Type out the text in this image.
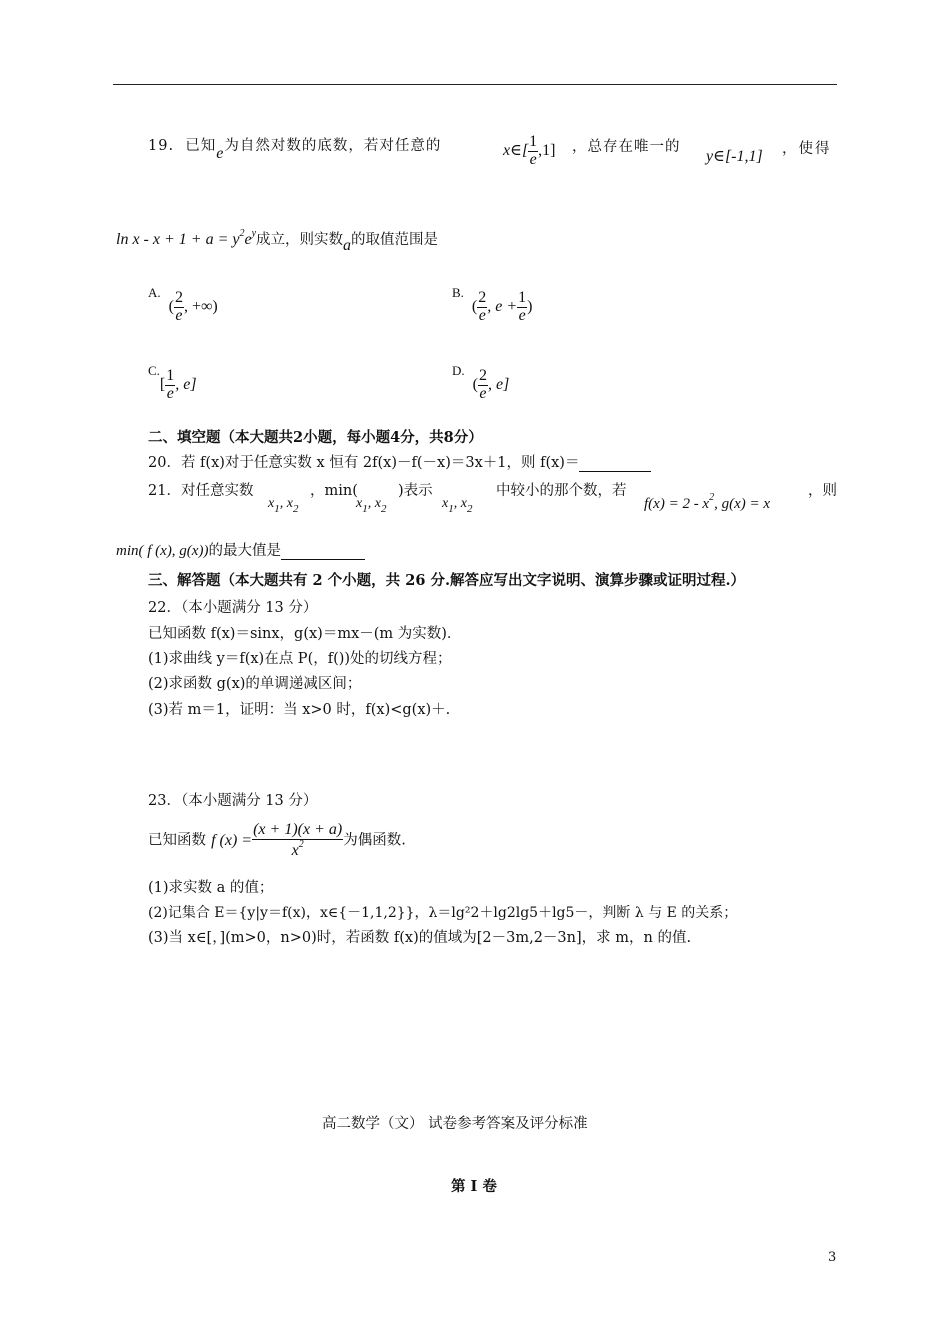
19. 已知e为自然对数的底数，若对任意的	x∈[ $\frac{1}{e} ,1$] ，总存在唯一的
y∈[-1,1] ，使得
$\ln x - x + 1 + a = y^2e^y$成立，则实数a的取值范围是
$^{A.}$  ( $\frac{2}{e}$ , +∞)
$^{B.}$  ( $\frac{2}{e}$ , $e + \frac{1}{e}$ )
$^{C.}[ \frac{1}{e}$ , e]
$^{D.}$  ( $\frac{2}{e}$ , e]
二、填空题（本大题共2小题，每小题4分，共8分）
20．若 f(x)对于任意实数 x 恒有 2f(x)－f(－x)＝3x＋1，则 f(x)＝
21．对任意实数
$x_1$, $x_2$
，min(
$x_1$, $x_2$
)表示
$x_1$, $x_2$
中较小的那个数，若
$f(x) = 2 - x^2$, g(x) = x
，则
min( f (x), g(x))的最大值是
三、解答题（本大题共有 2 个小题，共 26 分.解答应写出文字说明、演算步骤或证明过程.）
22．（本小题满分 13 分）
已知函数 f(x)＝sinx，g(x)＝mx－(m 为实数)．
(1)求曲线 y＝f(x)在点 P(，f())处的切线方程；
(2)求函数 g(x)的单调递减区间；
(3)若 m＝1，证明：当 x>0 时，f(x)<g(x)＋.
23．（本小题满分 13 分）
已知函数 f $(x) = \frac{(x + 1)(x + a)}{x^2}$ 为偶函数.
(1)求实数 a 的值；
(2)记集合 E＝{y|y＝f(x)，x∈{－1,1,2}}，λ＝lg²2＋lg2lg5＋lg5－，判断 λ 与 E 的关系；
(3)当 x∈[，](m>0，n>0)时，若函数 f(x)的值域为[2－3m,2－3n]，求 m，n 的值.
高二数学（文） 试卷参考答案及评分标准
第 I 卷
3
